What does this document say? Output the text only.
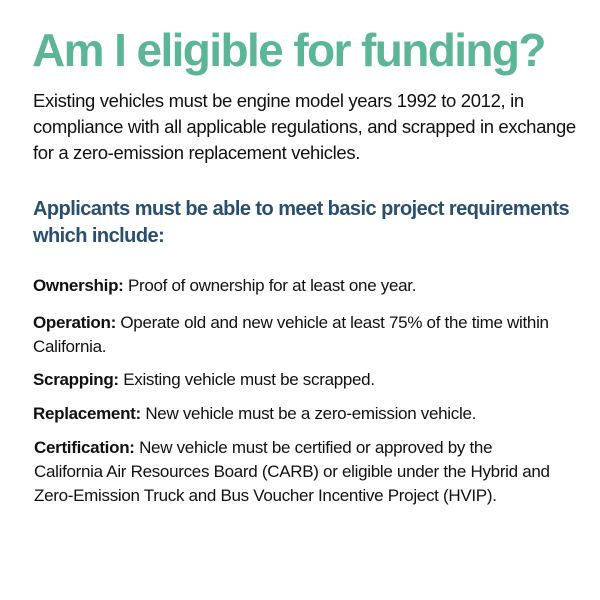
Am I eligible for funding?

Existing vehicles must be engine model years 1992 to 2012, in compliance with all applicable regulations, and scrapped in exchange for a zero-emission replacement vehicles.

Applicants must be able to meet basic project requirements which include:

Ownership: Proof of ownership for at least one year.

Operation: Operate old and new vehicle at least 75% of the time within California.

Scrapping: Existing vehicle must be scrapped.

Replacement: New vehicle must be a zero-emission vehicle.

Certification: New vehicle must be certified or approved by the California Air Resources Board (CARB) or eligible under the Hybrid and Zero-Emission Truck and Bus Voucher Incentive Project (HVIP).
